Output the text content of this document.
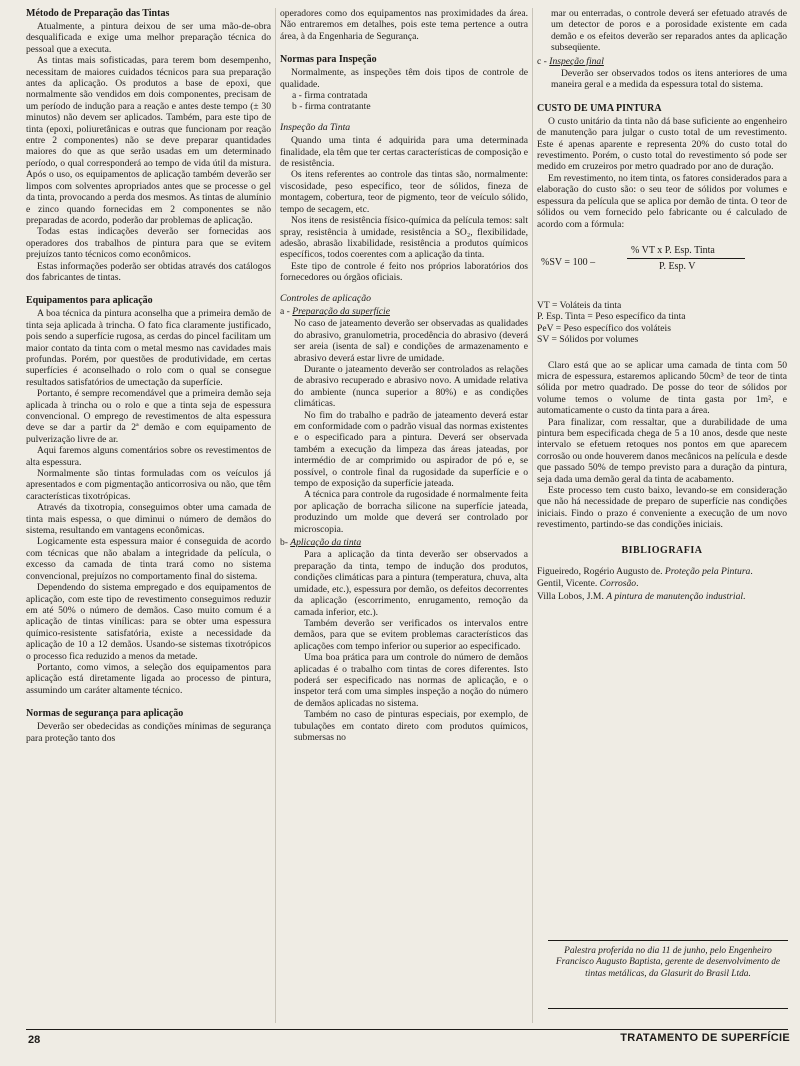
Método de Preparação das Tintas

Atualmente, a pintura deixou de ser uma mão-de-obra desqualificada e exige uma melhor preparação técnica do pessoal que a executa.

As tintas mais sofisticadas, para terem bom desempenho, necessitam de maiores cuidados técnicos para sua preparação antes da aplicação. Os produtos a base de epoxi, que normalmente são vendidos em dois componentes, precisam de um período de indução para a reação e antes deste tempo (± 30 minutos) não devem ser aplicados. Também, para este tipo de tinta (epoxi, poliuretânicas e outras que funcionam por reação entre 2 componentes) não se deve preparar quantidades maiores do que as que serão usadas em um determinado período, o qual corresponderá ao tempo de vida útil da mistura. Após o uso, os equipamentos de aplicação também deverão ser limpos com solventes apropriados antes que se processe o gel da tinta, provocando a perda dos mesmos. As tintas de alumínio e zinco quando fornecidas em 2 componentes se não preparadas de acordo, poderão dar problemas de aplicação.

Todas estas indicações deverão ser fornecidas aos operadores dos trabalhos de pintura para que se evitem prejuízos tanto técnicos como econômicos.

Estas informações poderão ser obtidas através dos catálogos dos fabricantes de tintas.

Equipamentos para aplicação

A boa técnica da pintura aconselha que a primeira demão de tinta seja aplicada à trincha. O fato fica claramente justificado, pois sendo a superfície rugosa, as cerdas do pincel facilitam um maior contato da tinta com o metal mesmo nas cavidades mais profundas. Porém, por questões de produtividade, em certas superfícies é aconselhado o rolo com o qual se consegue resultados satisfatórios de umectação da superfície.

Portanto, é sempre recomendável que a primeira demão seja aplicada à trincha ou o rolo e que a tinta seja de espessura convencional. O emprego de revestimentos de alta espessura deve se dar a partir da 2ª demão e com equipamento de pulverização livre de ar.

Aqui faremos alguns comentários sobre os revestimentos de alta espessura.

Normalmente são tintas formuladas com os veículos já apresentados e com pigmentação anticorrosiva ou não, que têm características tixotrópicas.

Através da tixotropia, conseguimos obter uma camada de tinta mais espessa, o que diminui o número de demãos do sistema, resultando em vantagens econômicas.

Logicamente esta espessura maior é conseguida de acordo com técnicas que não abalam a integridade da película, o excesso da camada de tinta trará como no sistema convencional, prejuízos no comportamento final do sistema.

Dependendo do sistema empregado e dos equipamentos de aplicação, com este tipo de revestimento conseguimos reduzir em até 50% o número de demãos. Caso muito comum é a aplicação de tintas vinílicas: para se obter uma espessura químico-resistente satisfatória, existe a necessidade da aplicação de 10 a 12 demãos. Usando-se sistemas tixotrópicos o processo fica reduzido a menos da metade.

Portanto, como vimos, a seleção dos equipamentos para aplicação está diretamente ligada ao processo de pintura, assumindo um caráter altamente técnico.

Normas de segurança para aplicação

Deverão ser obedecidas as condições mínimas de segurança para proteção tanto dos

operadores como dos equipamentos nas proximidades da área. Não entraremos em detalhes, pois este tema pertence a outra área, à da Engenharia de Segurança.

Normas para Inspeção

Normalmente, as inspeções têm dois tipos de controle de qualidade.

a - firma contratada
b - firma contratante
Inspeção da Tinta

Quando uma tinta é adquirida para uma determinada finalidade, ela têm que ter certas características de composição e de resistência.

Os itens referentes ao controle das tintas são, normalmente: viscosidade, peso específico, teor de sólidos, fineza de montagem, cobertura, teor de pigmento, teor de veículo sólido, tempo de secagem, etc.

Nos itens de resistência físico-química da película temos: salt spray, resistência à umidade, resistência a SO₂, flexibilidade, adesão, abrasão lixabilidade, resistência a produtos químicos específicos, todos coerentes com a aplicação da tinta.

Este tipo de controle é feito nos próprios laboratórios dos fornecedores ou órgãos oficiais.

Controles de aplicação
a - Preparação da superfície

No caso de jateamento deverão ser observadas as qualidades do abrasivo, granulometria, procedência do abrasivo (deverá ser areia (isenta de sal) e condições de armazenamento e abrasivo deverá estar livre de umidade.

Durante o jateamento deverão ser controlados as relações de abrasivo recuperado e abrasivo novo. A umidade relativa do ambiente (nunca superior a 80%) e as condições climáticas.

No fim do trabalho e padrão de jateamento deverá estar em conformidade com o padrão visual das normas existentes e o especificado para a pintura. Deverá ser observada também a execução da limpeza das áreas jateadas, por intermédio de ar comprimido ou aspirador de pó e, se possível, o controle final da rugosidade da superfície e o tempo de exposição da superfície jateada.

A técnica para controle da rugosidade é normalmente feita por aplicação de borracha silicone na superfície jateada, produzindo um molde que deverá ser controlado por microscopia.

b- Aplicação da tinta

Para a aplicação da tinta deverão ser observados a preparação da tinta, tempo de indução dos produtos, condições climáticas para a pintura (temperatura, chuva, alta umidade, etc.), espessura por demão, os defeitos decorrentes da aplicação (escorrimento, enrugamento, remoção da camada inferior, etc.).

Também deverão ser verificados os intervalos entre demãos, para que se evitem problemas característicos das aplicações com tempo inferior ou superior ao especificado.

Uma boa prática para um controle do número de demãos aplicadas é o trabalho com tintas de cores diferentes. Isto poderá ser especificado nas normas de aplicação, e o inspetor terá com uma simples inspeção a noção do número de demãos aplicadas no sistema.

Também no caso de pinturas especiais, por exemplo, de tubulações em contato direto com produtos químicos, submersas no

mar ou enterradas, o controle deverá ser efetuado através de um detector de poros e a porosidade existente em cada demão e os efeitos deverão ser reparados antes da aplicação subseqüente.

c - Inspeção final

Deverão ser observados todos os itens anteriores de uma maneira geral e a medida da espessura total do sistema.

CUSTO DE UMA PINTURA

O custo unitário da tinta não dá base suficiente ao engenheiro de manutenção para julgar o custo total de um revestimento. Este é apenas aparente e representa 20% do custo total do revestimento. Porém, o custo total do revestimento só pode ser medido em cruzeiros por metro quadrado por ano de duração.

Em revestimento, no item tinta, os fatores considerados para a elaboração do custo são: o seu teor de sólidos por volumes e espessura da película que se aplica por demão de tinta. O teor de sólidos ou vem fornecido pelo fabricante ou é calculado de acordo com a fórmula:

%SV = 100 –
% VT x P. Esp. Tinta
P. Esp. V
VT = Voláteis da tinta
P. Esp. Tinta = Peso específico da tinta
PeV = Peso específico dos voláteis
SV = Sólidos por volumes

Claro está que ao se aplicar uma camada de tinta com 50 micra de espessura, estaremos aplicando 50cm³ de teor de tinta sólida por metro quadrado. De posse do teor de sólidos por volume temos o volume de tinta gasta por 1m², e automaticamente o custo da tinta para a área.

Para finalizar, com ressaltar, que a durabilidade de uma pintura bem especificada chega de 5 a 10 anos, desde que neste intervalo se efetuem retoques nos pontos em que aparecem corrosão ou onde houverem danos mecânicos na película e desde que passado 50% de tempo previsto para a duração da pintura, seja dada uma demão geral da tinta de acabamento.

Este processo tem custo baixo, levando-se em consideração que não há necessidade de preparo de superfície nas condições iniciais. Findo o prazo é conveniente a execução de um novo revestimento, partindo-se das condições iniciais.

BIBLIOGRAFIA

Figueiredo, Rogério Augusto de. Proteção pela Pintura.

Gentil, Vicente. Corrosão.

Villa Lobos, J.M. A pintura de manutenção industrial.

Palestra proferida no dia 11 de junho, pelo Engenheiro Francisco Augusto Baptista, gerente de desenvolvimento de tintas metálicas, da Glasurit do Brasil Ltda.
28	TRATAMENTO DE SUPERFÍCIE
